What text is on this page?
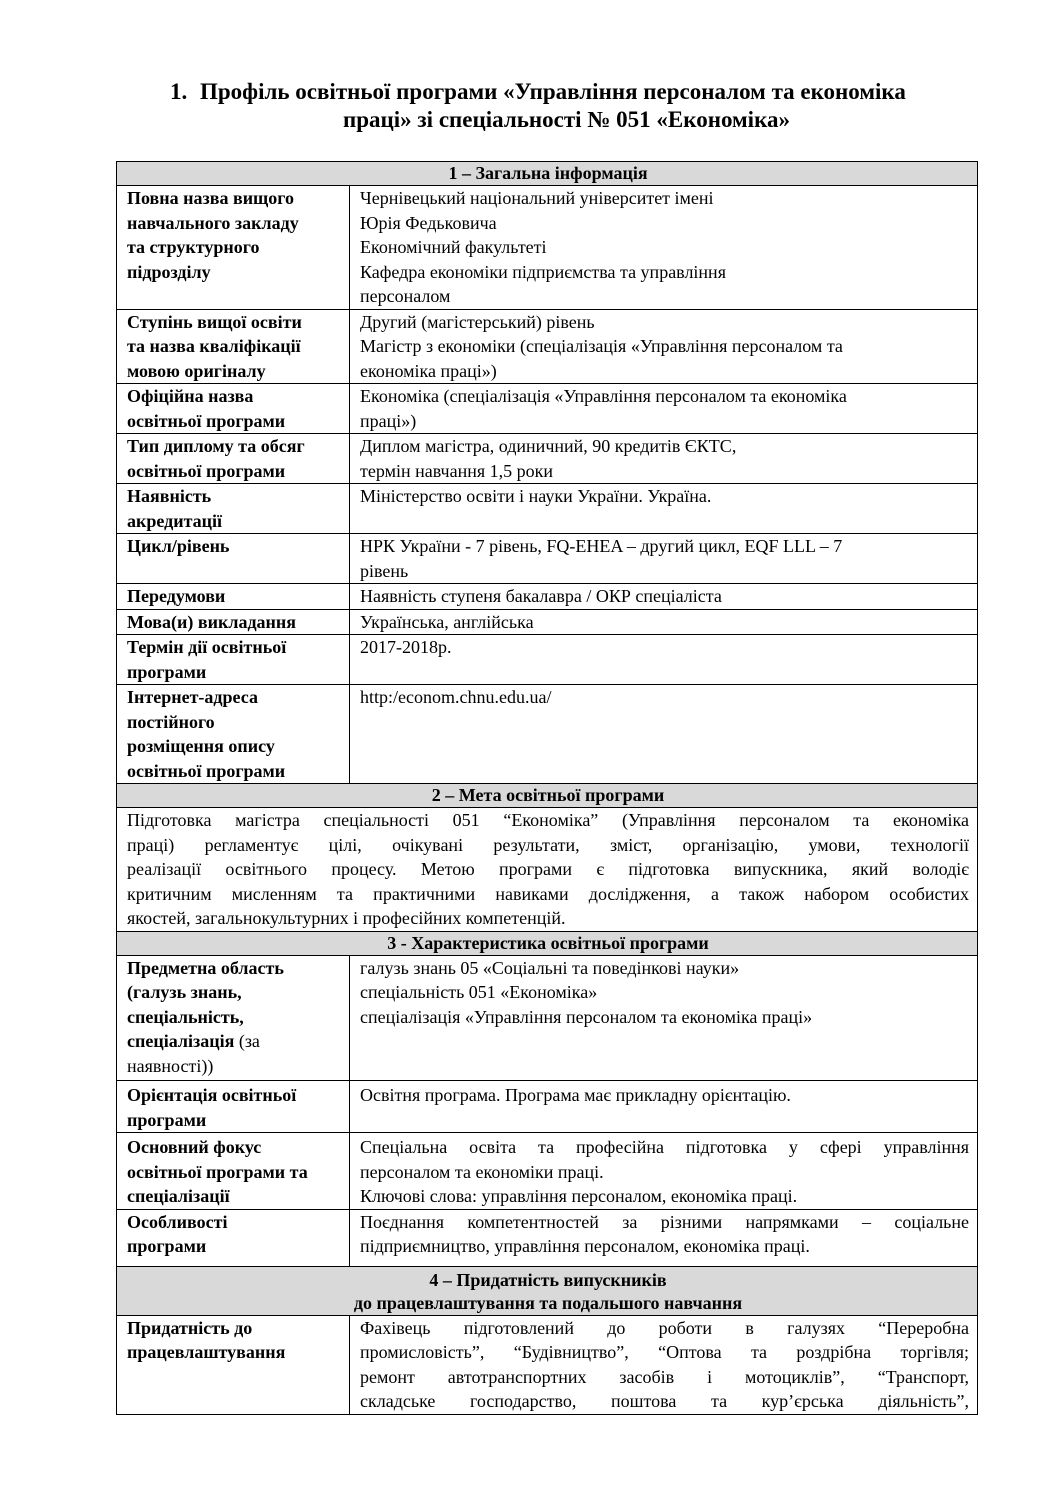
1. Профіль освітньої програми «Управління персоналом та економіка
праці» зі спеціальності № 051 «Економіка»
1 – Загальна інформація	

Повна назва вищого
навчального закладу
та структурного
підрозділу	Чернівецький національний університет імені
Юрія Федьковича
Економічний факультеті
Кафедра економіки підприємства та управління
персоналом

Ступінь вищої освіти
та назва кваліфікації
мовою оригіналу	Другий (магістерський) рівень
Магістр з економіки (спеціалізація «Управління персоналом та
економіка праці»)

Офіційна назва
освітньої програми	Економіка (спеціалізація «Управління персоналом та економіка
праці»)

Тип диплому та обсяг
освітньої програми	Диплом магістра, одиничний, 90 кредитів ЄКТС,
термін навчання 1,5 роки

Наявність
акредитації	Міністерство освіти і науки України. Україна.

Цикл/рівень	НРК України - 7 рівень, FQ-EHEA – другий цикл, EQF LLL – 7
рівень

Передумови	Наявність ступеня бакалавра / ОКР спеціаліста

Мова(и) викладання	Українська, англійська

Термін дії освітньої
програми	2017-2018р.

Інтернет-адреса
постійного
розміщення опису
освітньої програми	http:/econom.chnu.edu.ua/

2 – Мета освітньої програми	

Підготовка магістра спеціальності 051 “Економіка” (Управління персоналом та економіка
праці) регламентує цілі, очікувані результати, зміст, організацію, умови, технології
реалізації освітнього процесу. Метою програми є підготовка випускника, який володіє
критичним мисленням та практичними навиками дослідження, а також набором особистих
якостей, загальнокультурних і професійних компетенцій.	

3 - Характеристика освітньої програми	

Предметна область
(галузь знань,
спеціальність,
спеціалізація (за
наявності))	галузь знань 05 «Соціальні та поведінкові науки»
спеціальність 051 «Економіка»
спеціалізація «Управління персоналом та економіка праці»

Орієнтація освітньої
програми	Освітня програма. Програма має прикладну орієнтацію.

Основний фокус
освітньої програми та
спеціалізації	Спеціальна освіта та професійна підготовка у сфері управління
персоналом та економіки праці.
Ключові слова: управління персоналом, економіка праці.

Особливості
програми	Поєднання компетентностей за різними напрямками – соціальне
підприємництво, управління персоналом, економіка праці.

4 – Придатність випускників
до працевлаштування та подальшого навчання	

Придатність до
працевлаштування	Фахівець підготовлений до роботи в галузях “Переробна
промисловість”, “Будівництво”, “Оптова та роздрібна торгівля;
ремонт автотранспортних засобів і мотоциклів”, “Транспорт,
складське господарство, поштова та кур’єрська діяльність”,
